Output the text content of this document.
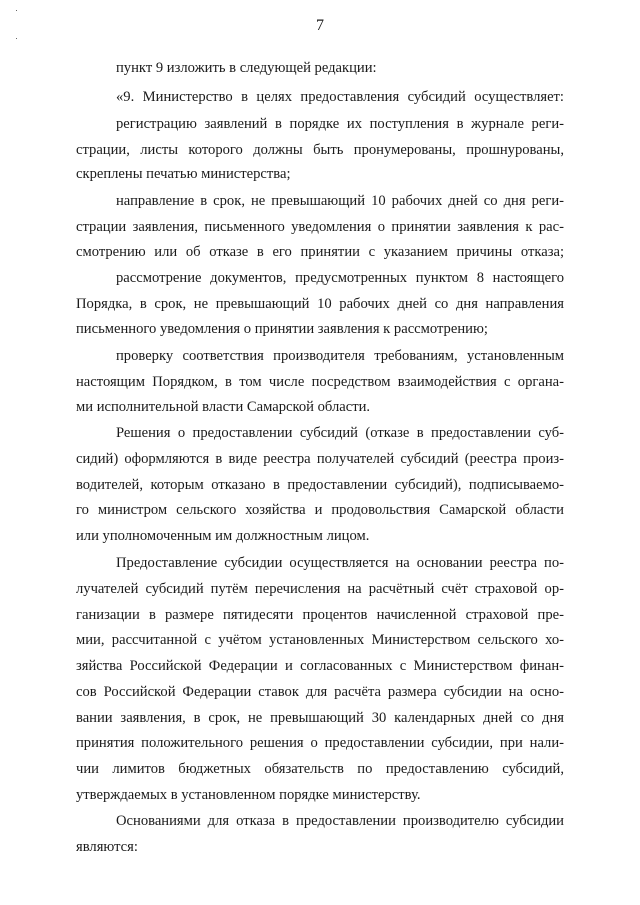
7
пункт 9 изложить в следующей редакции:
«9. Министерство в целях предоставления субсидий осуществляет:
регистрацию заявлений в порядке их поступления в журнале реги-
страции, листы которого должны быть пронумерованы, прошнурованы,
скреплены печатью министерства;
направление в срок, не превышающий 10 рабочих дней со дня реги-
страции заявления, письменного уведомления о принятии заявления к рас-
смотрению или об отказе в его принятии с указанием причины отказа;
рассмотрение документов, предусмотренных пунктом 8 настоящего
Порядка, в срок, не превышающий 10 рабочих дней со дня направления
письменного уведомления о принятии заявления к рассмотрению;
проверку соответствия производителя требованиям, установленным
настоящим Порядком, в том числе посредством взаимодействия с органа-
ми исполнительной власти Самарской области.
Решения о предоставлении субсидий (отказе в предоставлении суб-
сидий) оформляются в виде реестра получателей субсидий (реестра произ-
водителей, которым отказано в предоставлении субсидий), подписываемо-
го министром сельского хозяйства и продовольствия Самарской области
или уполномоченным им должностным лицом.
Предоставление субсидии осуществляется на основании реестра по-
лучателей субсидий путём перечисления на расчётный счёт страховой ор-
ганизации в размере пятидесяти процентов начисленной страховой пре-
мии, рассчитанной с учётом установленных Министерством сельского хо-
зяйства Российской Федерации и согласованных с Министерством финан-
сов Российской Федерации ставок для расчёта размера субсидии на осно-
вании заявления, в срок, не превышающий 30 календарных дней со дня
принятия положительного решения о предоставлении субсидии, при нали-
чии лимитов бюджетных обязательств по предоставлению субсидий,
утверждаемых в установленном порядке министерству.
Основаниями для отказа в предоставлении производителю субсидии
являются:
